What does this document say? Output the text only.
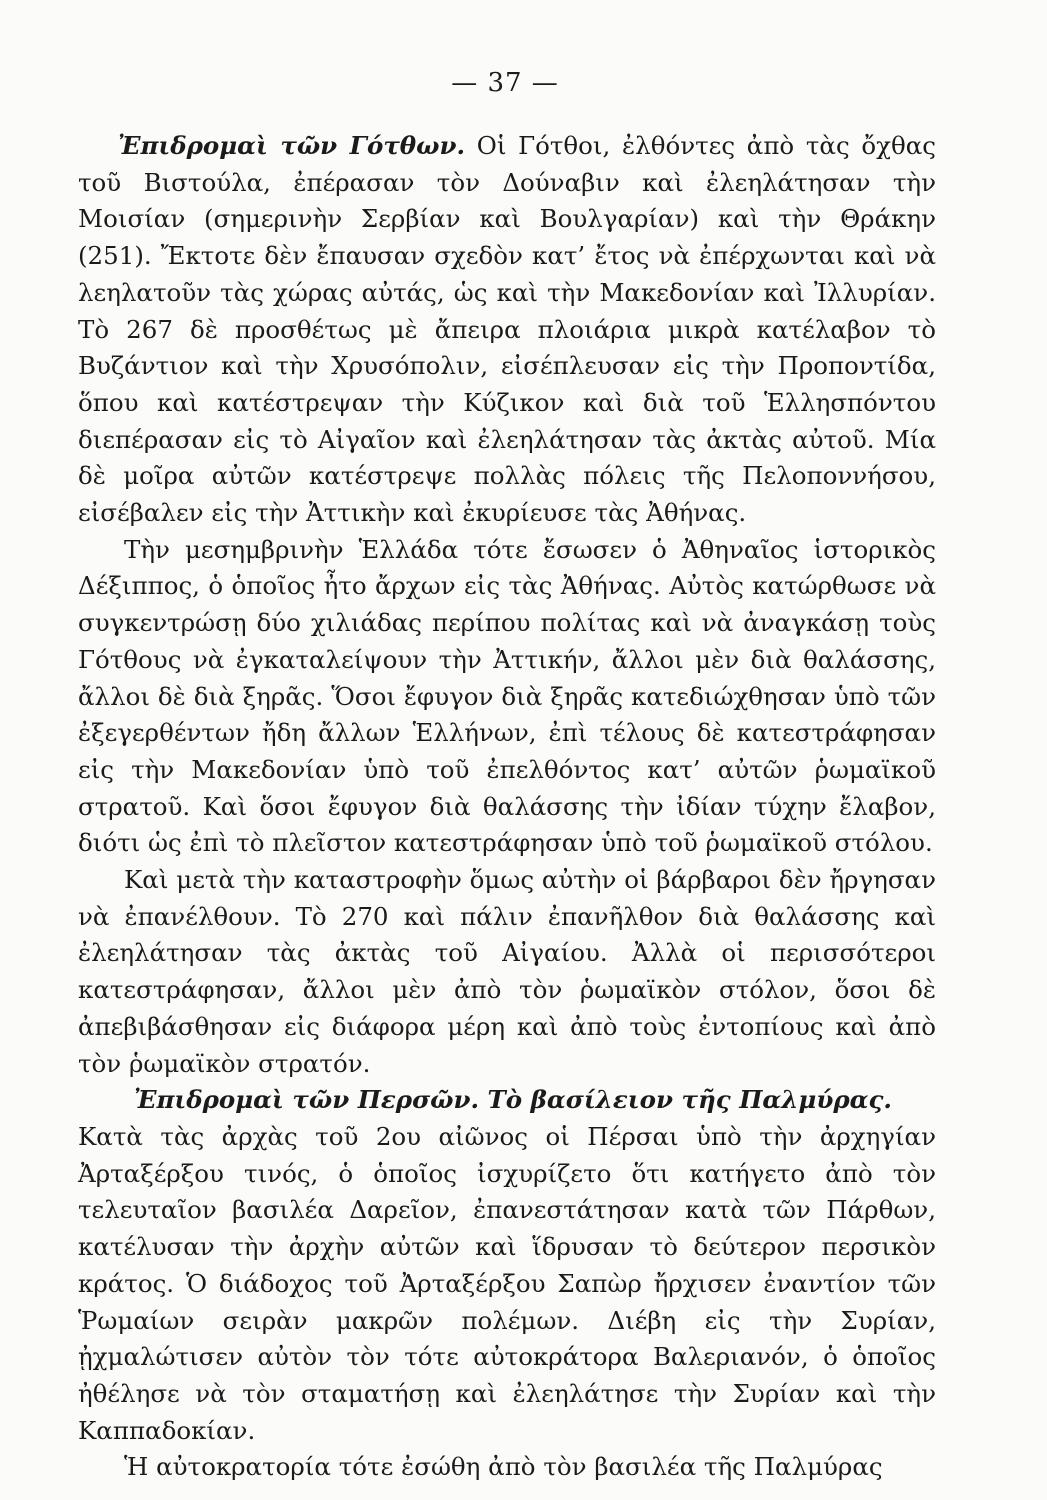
— 37 —

Ἐπιδρομαὶ τῶν Γότθων. Οἱ Γότθοι, ἐλθόντες ἀπὸ τὰς ὄχθας τοῦ Βιστούλα, ἐπέρασαν τὸν Δούναβιν καὶ ἐλεηλάτησαν τὴν Μοισίαν (σημερινὴν Σερβίαν καὶ Βουλγαρίαν) καὶ τὴν Θράκην (251). Ἔκτοτε δὲν ἔπαυσαν σχεδὸν κατ’ ἔτος νὰ ἐπέρχωνται καὶ νὰ λεηλατοῦν τὰς χώρας αὐτάς, ὡς καὶ τὴν Μακεδονίαν καὶ Ἰλλυρίαν. Τὸ 267 δὲ προσθέτως μὲ ἄπειρα πλοιάρια μικρὰ κατέλαβον τὸ Βυζάντιον καὶ τὴν Χρυσόπολιν, εἰσέπλευσαν εἰς τὴν Προποντίδα, ὅπου καὶ κατέστρεψαν τὴν Κύζικον καὶ διὰ τοῦ Ἑλλησπόντου διεπέρασαν εἰς τὸ Αἰγαῖον καὶ ἐλεηλάτησαν τὰς ἀκτὰς αὐτοῦ. Μία δὲ μοῖρα αὐτῶν κατέστρεψε πολλὰς πόλεις τῆς Πελοποννήσου, εἰσέβαλεν εἰς τὴν Ἀττικὴν καὶ ἐκυρίευσε τὰς Ἀθήνας.

Τὴν μεσημβρινὴν Ἑλλάδα τότε ἔσωσεν ὁ Ἀθηναῖος ἱστορικὸς Δέξιππος, ὁ ὁποῖος ἦτο ἄρχων εἰς τὰς Ἀθήνας. Αὐτὸς κατώρθωσε νὰ συγκεντρώσῃ δύο χιλιάδας περίπου πολίτας καὶ νὰ ἀναγκάσῃ τοὺς Γότθους νὰ ἐγκαταλείψουν τὴν Ἀττικήν, ἄλλοι μὲν διὰ θαλάσσης, ἄλλοι δὲ διὰ ξηρᾶς. Ὅσοι ἔφυγον διὰ ξηρᾶς κατεδιώχθησαν ὑπὸ τῶν ἐξεγερθέντων ἤδη ἄλλων Ἑλλήνων, ἐπὶ τέλους δὲ κατεστράφησαν εἰς τὴν Μακεδονίαν ὑπὸ τοῦ ἐπελθόντος κατ’ αὐτῶν ῥωμαϊκοῦ στρατοῦ. Καὶ ὅσοι ἔφυγον διὰ θαλάσσης τὴν ἰδίαν τύχην ἔλαβον, διότι ὡς ἐπὶ τὸ πλεῖστον κατεστράφησαν ὑπὸ τοῦ ῥωμαϊκοῦ στόλου.

Καὶ μετὰ τὴν καταστροφὴν ὅμως αὐτὴν οἱ βάρβαροι δὲν ἤργησαν νὰ ἐπανέλθουν. Τὸ 270 καὶ πάλιν ἐπανῆλθον διὰ θαλάσσης καὶ ἐλεηλάτησαν τὰς ἀκτὰς τοῦ Αἰγαίου. Ἀλλὰ οἱ περισσότεροι κατεστράφησαν, ἄλλοι μὲν ἀπὸ τὸν ῥωμαϊκὸν στόλον, ὅσοι δὲ ἀπεβιβάσθησαν εἰς διάφορα μέρη καὶ ἀπὸ τοὺς ἐντοπίους καὶ ἀπὸ τὸν ῥωμαϊκὸν στρατόν.

Ἐπιδρομαὶ τῶν Περσῶν. Τὸ βασίλειον τῆς Παλμύρας.

Κατὰ τὰς ἀρχὰς τοῦ 2ου αἰῶνος οἱ Πέρσαι ὑπὸ τὴν ἀρχηγίαν Ἀρταξέρξου τινός, ὁ ὁποῖος ἰσχυρίζετο ὅτι κατήγετο ἀπὸ τὸν τελευταῖον βασιλέα Δαρεῖον, ἐπανεστάτησαν κατὰ τῶν Πάρθων, κατέλυσαν τὴν ἀρχὴν αὐτῶν καὶ ἵδρυσαν τὸ δεύτερον περσικὸν κράτος. Ὁ διάδοχος τοῦ Ἀρταξέρξου Σαπὼρ ἤρχισεν ἐναντίον τῶν Ῥωμαίων σειρὰν μακρῶν πολέμων. Διέβη εἰς τὴν Συρίαν, ᾐχμαλώτισεν αὐτὸν τὸν τότε αὐτοκράτορα Βαλεριανόν, ὁ ὁποῖος ἠθέλησε νὰ τὸν σταματήσῃ καὶ ἐλεηλάτησε τὴν Συρίαν καὶ τὴν Καππαδοκίαν.

Ἡ αὐτοκρατορία τότε ἐσώθη ἀπὸ τὸν βασιλέα τῆς Παλμύρας
